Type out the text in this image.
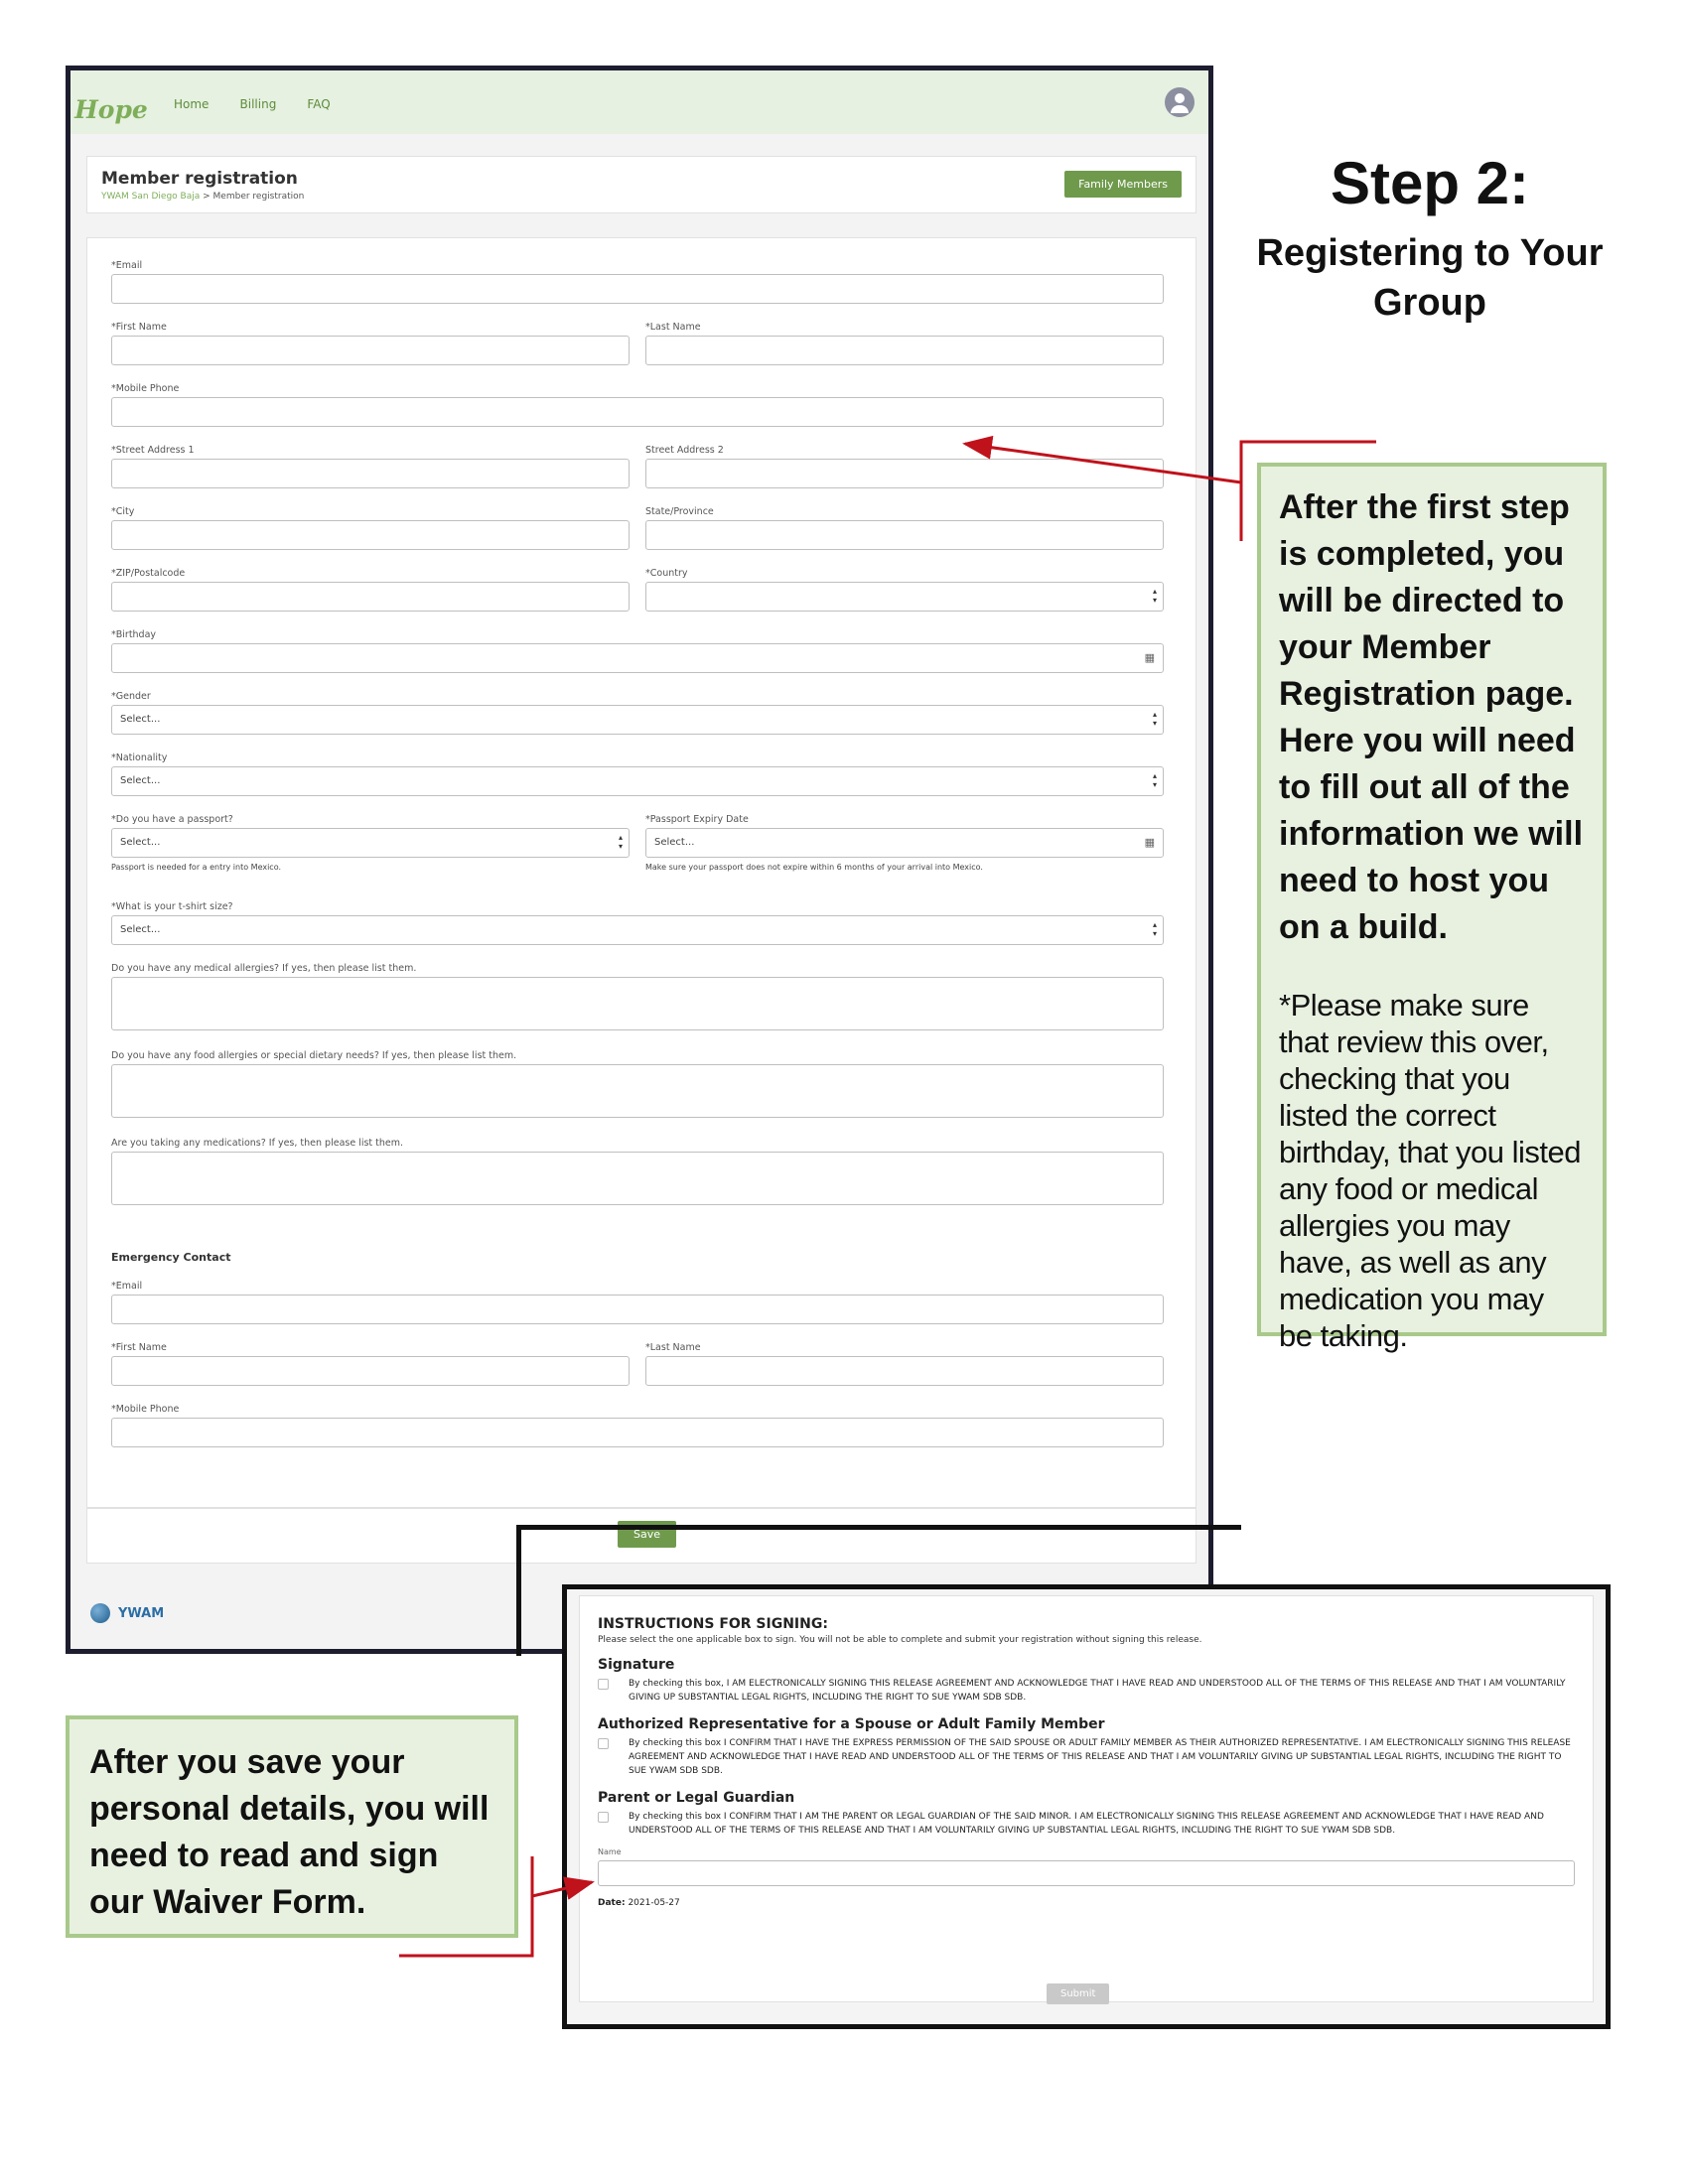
Hope	Home	Billing	FAQ
Member registration
YWAM San Diego Baja > Member registration
Family Members
*Email
*First Name	*Last Name
*Mobile Phone
*Street Address 1	Street Address 2
*City	State/Province
*ZIP/Postalcode	*Country
▴ ▾
*Birthday
▦
*Gender
Select... ▴ ▾
*Nationality
Select... ▴ ▾
*Do you have a passport?
Select... ▴ ▾
Passport is needed for a entry into Mexico.
*Passport Expiry Date
Select... ▦
Make sure your passport does not expire within 6 months of your arrival into Mexico.
*What is your t-shirt size?
Select... ▴ ▾
Do you have any medical allergies? If yes, then please list them.
Do you have any food allergies or special dietary needs? If yes, then please list them.
Are you taking any medications? If yes, then please list them.
Emergency Contact
*Email
*First Name	*Last Name
*Mobile Phone
Save
YWAM
Step 2:
Registering to Your Group
After the first step is completed, you will be directed to your Member Registration page. Here you will need to fill out all of the information we will need to host you on a build.
*Please make sure that review this over, checking that you listed the correct birthday, that you listed any food or medical allergies you may have, as well as any medication you may be taking.
After you save your personal details, you will need to read and sign our Waiver Form.
INSTRUCTIONS FOR SIGNING:
Please select the one applicable box to sign. You will not be able to complete and submit your registration without signing this release.
Signature
By checking this box, I AM ELECTRONICALLY SIGNING THIS RELEASE AGREEMENT AND ACKNOWLEDGE THAT I HAVE READ AND UNDERSTOOD ALL OF THE TERMS OF THIS RELEASE AND THAT I AM VOLUNTARILY GIVING UP SUBSTANTIAL LEGAL RIGHTS, INCLUDING THE RIGHT TO SUE YWAM SDB SDB.
Authorized Representative for a Spouse or Adult Family Member
By checking this box I CONFIRM THAT I HAVE THE EXPRESS PERMISSION OF THE SAID SPOUSE OR ADULT FAMILY MEMBER AS THEIR AUTHORIZED REPRESENTATIVE. I AM ELECTRONICALLY SIGNING THIS RELEASE AGREEMENT AND ACKNOWLEDGE THAT I HAVE READ AND UNDERSTOOD ALL OF THE TERMS OF THIS RELEASE AND THAT I AM VOLUNTARILY GIVING UP SUBSTANTIAL LEGAL RIGHTS, INCLUDING THE RIGHT TO SUE YWAM SDB SDB.
Parent or Legal Guardian
By checking this box I CONFIRM THAT I AM THE PARENT OR LEGAL GUARDIAN OF THE SAID MINOR. I AM ELECTRONICALLY SIGNING THIS RELEASE AGREEMENT AND ACKNOWLEDGE THAT I HAVE READ AND UNDERSTOOD ALL OF THE TERMS OF THIS RELEASE AND THAT I AM VOLUNTARILY GIVING UP SUBSTANTIAL LEGAL RIGHTS, INCLUDING THE RIGHT TO SUE YWAM SDB SDB.
Name
Date: 2021-05-27
Submit
